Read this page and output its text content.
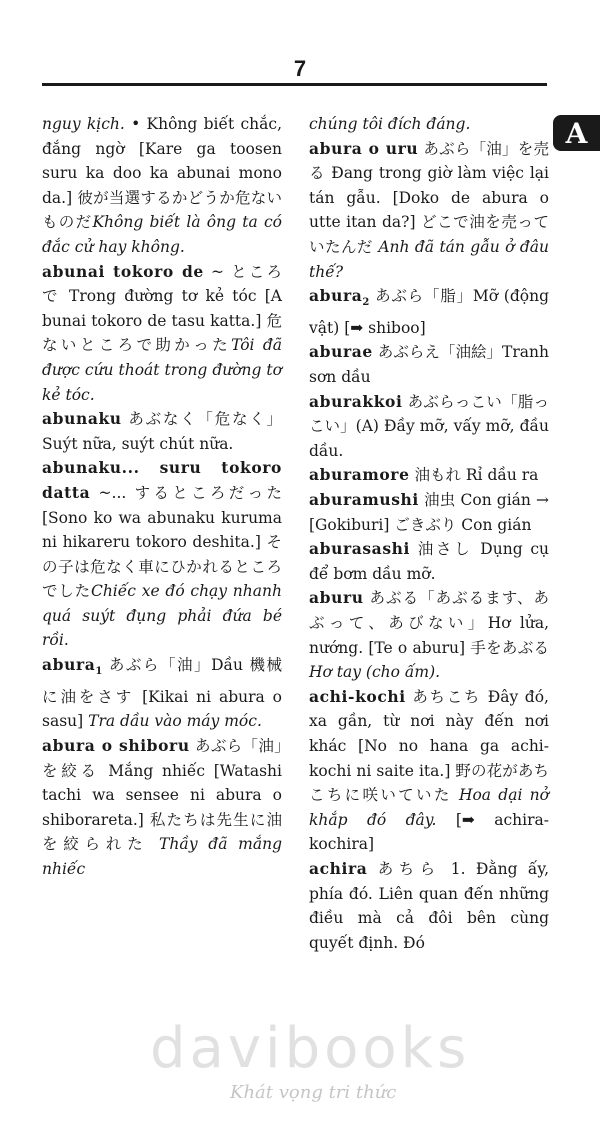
7
A

nguy kịch. • Không biết chắc, đắng ngờ [Kare ga toosen suru ka doo ka abunai mono da.] 彼が当選するかどうか危ないものだKhông biết là ông ta có đắc cử hay không.

abunai tokoro de ~ ところで Trong đường tơ kẻ tóc [A bunai tokoro de tasu katta.] 危ないところで助かったTôi đã được cứu thoát trong đường tơ kẻ tóc.

abunaku あぶなく「危なく」Suýt nữa, suýt chút nữa.

abunaku... suru tokoro datta ~... するところだった [Sono ko wa abunaku kuruma ni hikareru tokoro deshita.] その子は危なく車にひかれるところでしたChiếc xe đó chạy nhanh quá suýt đụng phải đứa bé rồi.

abura$_1$ あぶら「油」Dầu 機械に油をさす [Kikai ni abura o sasu] Tra dầu vào máy móc.

abura o shiboru あぶら「油」を絞る Mắng nhiếc [Watashi tachi wa sensee ni abura o shiborareta.] 私たちは先生に油を絞られた Thầy đã mắng nhiếc

chúng tôi đích đáng.

abura o uru あぶら「油」を売る Đang trong giờ làm việc lại tán gẫu. [Doko de abura o utte itan da?] どこで油を売っていたんだ Anh đã tán gẫu ở đâu thế?

abura$_2$ あぶら「脂」Mỡ (động vật) [➡ shiboo]

aburae あぶらえ「油絵」Tranh sơn dầu

aburakkoi あぶらっこい「脂っこい」(A) Đầy mỡ, vấy mỡ, đầu dầu.

aburamore 油もれ Rỉ dầu ra

aburamushi 油虫 Con gián → [Gokiburi] ごきぶり Con gián

aburasashi 油さし Dụng cụ để bơm dầu mỡ.

aburu あぶる「あぶるます、あぶって、あびない」Hơ lửa, nướng. [Te o aburu] 手をあぶる Hơ tay (cho ấm).

achi-kochi あちこち Đây đó, xa gần, từ nơi này đến nơi khác [No no hana ga achi-kochi ni saite ita.] 野の花があちこちに咲いていた Hoa dại nở khắp đó đây. [➡ achira-kochira]

achira あちら 1. Đằng ấy, phía đó. Liên quan đến những điều mà cả đôi bên cùng quyết định. Đó

davibooks
Khát vọng tri thức
